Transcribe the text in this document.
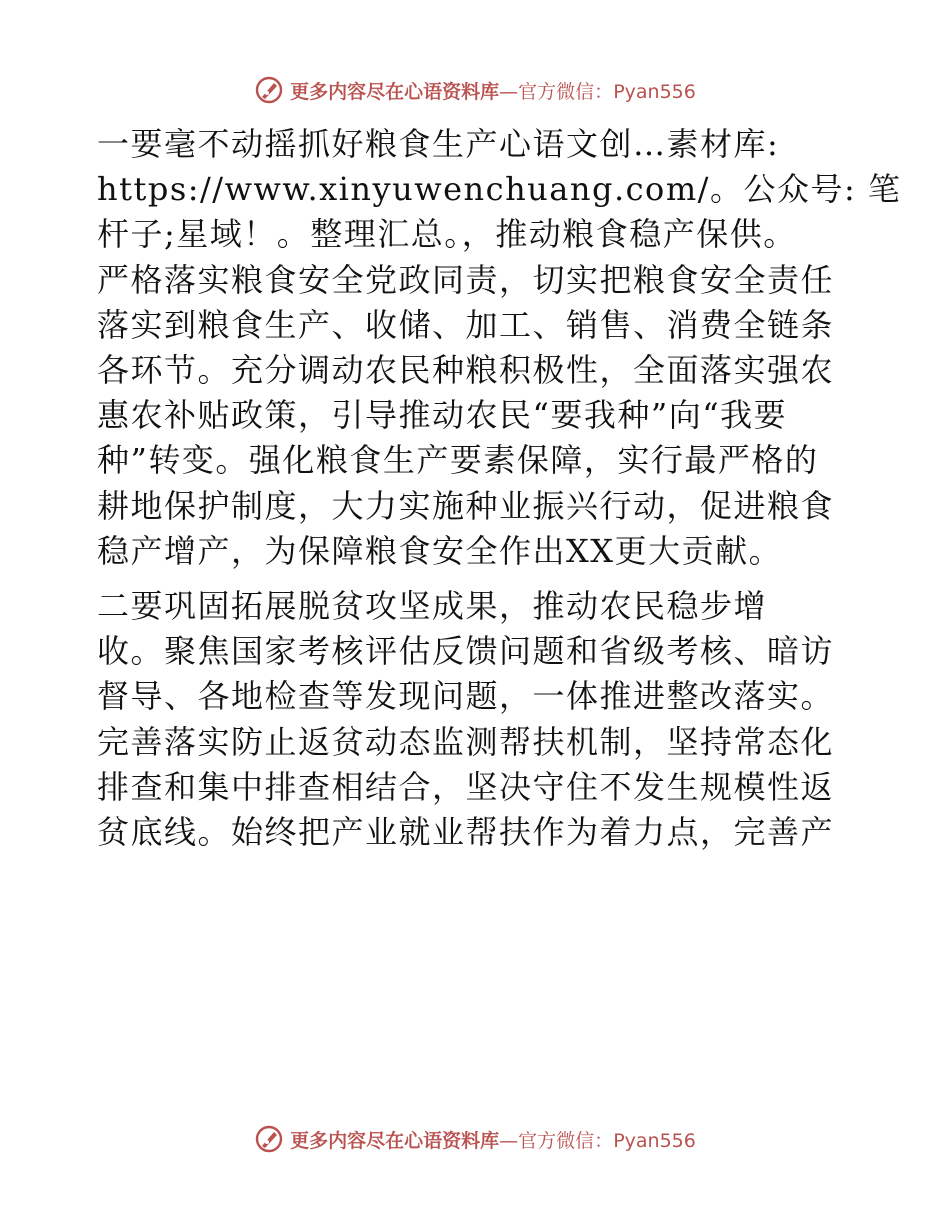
更多内容尽在心语资料库—官方微信：Pyan556

一要毫不动摇抓好粮食生产心语文创…素材库:
https://www.xinyuwenchuang.com/。公众号: 笔
杆子;星域！。整理汇总。，推动粮食稳产保供。
严格落实粮食安全党政同责，切实把粮食安全责任
落实到粮食生产、收储、加工、销售、消费全链条
各环节。充分调动农民种粮积极性，全面落实强农
惠农补贴政策，引导推动农民“要我种”向“我要
种”转变。强化粮食生产要素保障，实行最严格的
耕地保护制度，大力实施种业振兴行动，促进粮食
稳产增产，为保障粮食安全作出XX更大贡献。

二要巩固拓展脱贫攻坚成果，推动农民稳步增
收。聚焦国家考核评估反馈问题和省级考核、暗访
督导、各地检查等发现问题，一体推进整改落实。
完善落实防止返贫动态监测帮扶机制，坚持常态化
排查和集中排查相结合，坚决守住不发生规模性返
贫底线。始终把产业就业帮扶作为着力点，完善产

更多内容尽在心语资料库—官方微信：Pyan556
